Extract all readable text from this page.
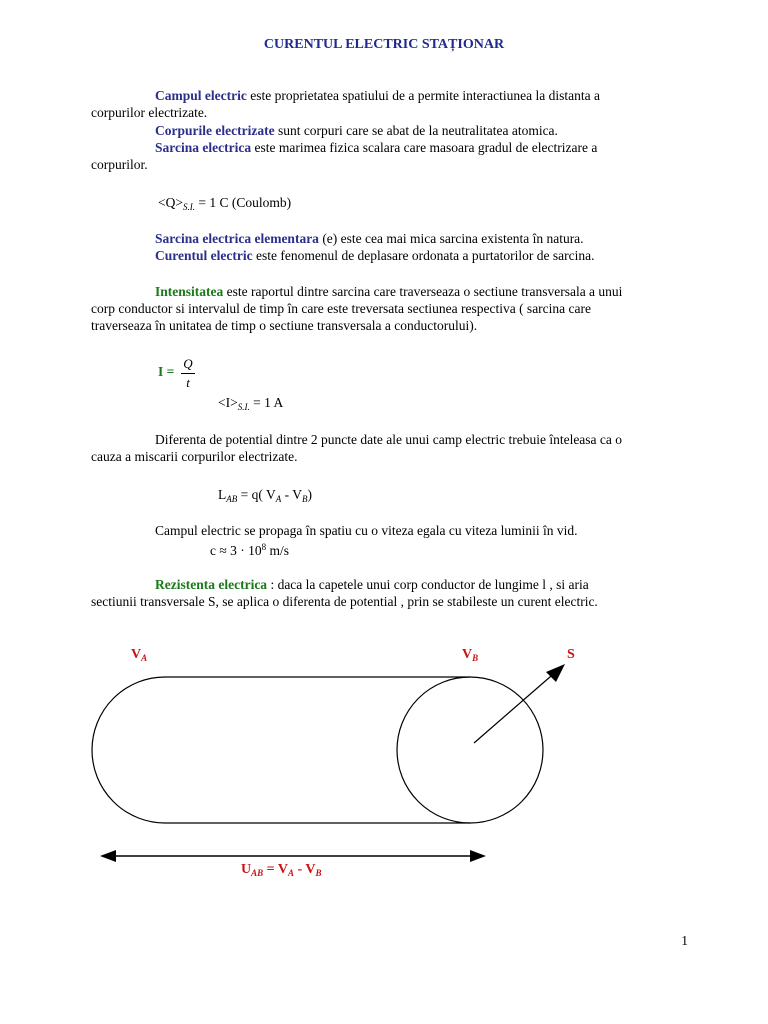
CURENTUL ELECTRIC STAȚIONAR
Campul electric este proprietatea spatiului de a permite interactiunea la distanta a
corpurilor electrizate.
Corpurile electrizate sunt corpuri care se abat de la neutralitatea atomica.
Sarcina electrica este marimea fizica scalara care masoara gradul de electrizare a
corpurilor.
$<Q>_{S.I.} = 1$ C (Coulomb)
Sarcina electrica elementara (e) este cea mai mica sarcina existenta în natura.
Curentul electric este fenomenul de deplasare ordonata a purtatorilor de sarcina.
Intensitatea este raportul dintre sarcina care traverseaza o sectiune transversala a unui
corp conductor si intervalul de timp în care este treversata sectiunea respectiva ( sarcina care
traverseaza în unitatea de timp o sectiune transversala a conductorului).
I =
Q
t
$<I>_{S.I.} = 1$ A
Diferenta de potential dintre 2 puncte date ale unui camp electric trebuie înteleasa ca o
cauza a miscarii corpurilor electrizate.
$L_{AB} = q$( $V_A - V_B$)
Campul electric se propaga în spatiu cu o viteza egala cu viteza luminii în vid.
$c \approx 3 \cdot 10^8$ m/s
Rezistenta electrica : daca la capetele unui corp conductor de lungime l , si aria
sectiunii transversale S, se aplica o diferenta de potential , prin se stabileste un curent electric.
$V_A$	$V_B$	S
$U_{AB} = V_A - V_B$
1
